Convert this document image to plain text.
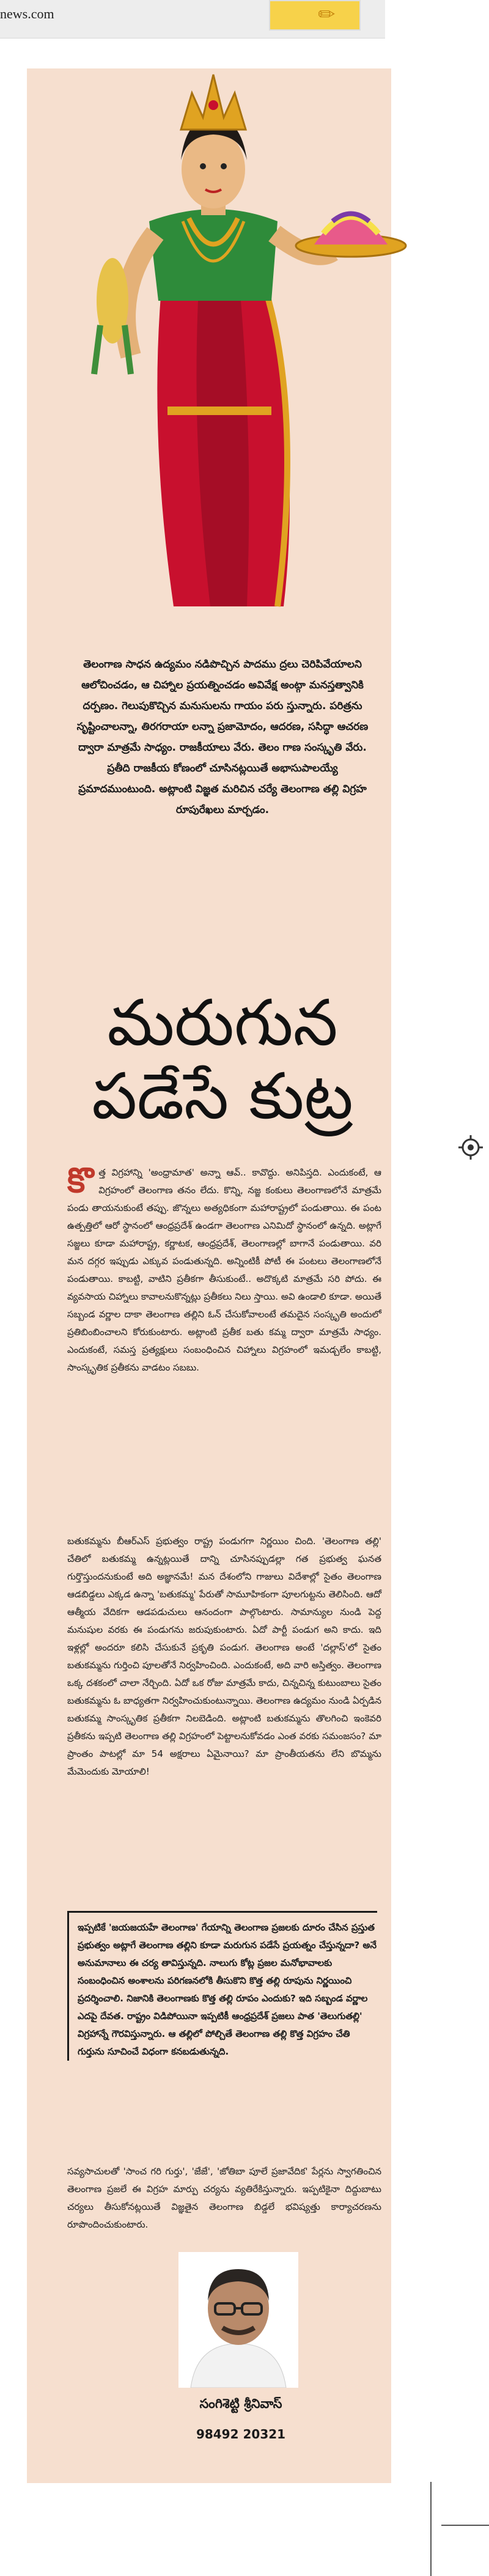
news.com	✏
తెలంగాణ సాధన ఉద్యమం నడిపొచ్చిన పాదము ద్రలు చెరిపివేయాలని ఆలోచించడం, ఆ చిహ్నాల ప్రయత్నించడం అవివేక్ష అంట్గా మనస్తత్వానికి దర్పణం. గెలుపుకొచ్చిన మనుసులను గాయం పరు స్తున్నారు. పరిత్రను సృష్టించాలన్నా, తిరగరాయా లన్నా ప్రజామోదం, ఆదరణ, ససిద్ధా ఆచరణ ద్వారా మాత్రమే సాధ్యం. రాజకీయాలు వేరు. తెలం గాణ సంస్కృతి వేరు. ప్రతీది రాజకీయ కోణంలో చూసినట్లయితే అభాసుపాలయ్యే ప్రమాదముంటుంది. అట్లాంటి విజ్ఞత మరిచిన చర్యే తెలంగాణ తల్లి విగ్రహ రూపురేఖలు మార్చడం.
మరుగున
పడేసే కుట్ర
కొ త్త విగ్రహాన్ని 'అంధ్రామాత' అన్నా ఆవ్.. కావొద్దు. అనిపిస్తది. ఎందుకంటే, ఆ విగ్రహంలో తెలంగాణ తనం లేదు. కొన్ని, నజ్జ కంకులు తెలంగాణలోనే మాత్రమే పండు తాయనుకుంటే తప్పు. జొన్నలు అత్యధికంగా మహారాష్ట్రలో పండుతాయి. ఈ పంట ఉత్పత్తిలో ఆరో స్థానంలో ఆంధ్రప్రదేశ్ ఉండగా తెలంగాణ ఎనిమిదో స్థానంలో ఉన్నది. అట్లాగే సజ్జలు కూడా మహారాష్ట్ర, కర్ణాటక, ఆంధ్రప్రదేశ్, తెలంగాణల్లో బాగానే పండుతాయి. వరి మన దగ్గర ఇప్పుడు ఎక్కువ పండుతున్నది. అన్నింటికీ పోటీ ఈ పంటలు తెలంగాణలోనే పండుతాయి. కాబట్టి, వాటిని ప్రతీకగా తీసుకుంటే.. అదొక్కటి మాత్రమే సరి పోదు. ఈ వ్యవసాయ చిహ్నాలు కావాలనుకొన్నట్లు ప్రతీకలు నిలు స్తాయి. అవి ఉండాలి కూడా. అయితే సబ్బండ వర్ణాల దాకా తెలంగాణ తల్లిని ఓన్ చేసుకోవాలంటే తమదైన సంస్కృతి అందులో ప్రతిబింబించాలని కోరుకుంటారు. అట్లాంటి ప్రతీక బతు కమ్మ ద్వారా మాత్రమే సాధ్యం. ఎందుకంటే, సమస్త ప్రత్యక్షులు సంబంధించిన చిహ్నాలు విగ్రహంలో ఇమడ్చలేం కాబట్టి, సాంస్కృతిక ప్రతీకను వాడటం సబబు.
బతుకమ్మను బీఆర్ఎస్ ప్రభుత్వం రాష్ట్ర పండుగగా నిర్ణయిం చింది. 'తెలంగాణ తల్లి' చేతిలో బతుకమ్మ ఉన్నట్లయితే దాన్ని చూసినప్పుడల్లా గత ప్రభుత్వ ఘనత గుర్తొస్తుందనుకుంటే అది అజ్ఞానమే! మన దేశంలోని గాజులు విదేశాల్లో సైతం తెలంగాణ ఆడబిడ్డలు ఎక్కడ ఉన్నా 'బతుకమ్మ' పేరుతో సామూహికంగా పూలగుట్టను తెలిసింది. ఆదో ఆత్మీయ వేదికగా ఆడపడుచులు ఆనందంగా పాల్గొంటారు. సామాన్యుల నుండి పెద్ద మనుషుల వరకు ఈ పండుగను జరుపుకుంటారు. ఏదో పార్టీ పండుగ అని కాదు. ఇది ఇళ్లల్లో అందరూ కలిసి చేసుకునే ప్రకృతి పండుగ. తెలంగాణ అంటే 'దల్లాస్'లో సైతం బతుకమ్మను గుర్తించి పూలతోనే నిర్వహించింది. ఎందుకంటే, అది వారి అస్తిత్వం. తెలంగాణ ఒక్క దశకంలో చాలా నేర్చింది. ఏదో ఒక రోజు మాత్రమే కాదు, చిన్నచిన్న కుటుంబాలు సైతం బతుకమ్మను ఓ బాధ్యతగా నిర్వహించుకుంటున్నాయి. తెలంగాణ ఉద్యమం నుండి ఏర్పడిన బతుకమ్మ సాంస్కృతిక ప్రతీకగా నిలబెడింది. అట్లాంటి బతుకమ్మను తొలగించి ఇంకెవరి ప్రతీకను ఇప్పటి తెలంగాణ తల్లి విగ్రహంలో పెట్టాలనుకోవడం ఎంత వరకు సమంజసం? మా ప్రాంతం పాటల్లో మా 54 అక్షరాలు ఏమైనాయి? మా ప్రాంతీయతను లేని బొమ్మను మేమెందుకు మోయాలి!
ఇప్పటికే 'జయజయహే తెలంగాణ' గేయాన్ని తెలంగాణ ప్రజలకు దూరం చేసిన ప్రస్తుత ప్రభుత్వం అట్లాగే తెలంగాణ తల్లిని కూడా మరుగున పడేసే ప్రయత్నం చేస్తున్నదా? అనే అనుమానాలు ఈ చర్య తావిస్తున్నది. నాలుగు కోట్ల ప్రజల మనోభావాలకు సంబంధించిన అంశాలను పరిగణనలోకి తీసుకొని కొత్త తల్లి రూపును నిర్ణయించి ప్రదర్శించాలి. నిజానికి తెలంగాణకు కొత్త తల్లి రూపం ఎందుకు? ఇది సబ్బండ వర్ణాల ఎదపై దేవత. రాష్ట్రం విడిపోయినా ఇప్పటికీ ఆంధ్రప్రదేశ్ ప్రజలు పాత 'తెలుగుతల్లి' విగ్రహాన్నే గౌరవిస్తున్నారు. ఆ తల్లిలో పోల్చితే తెలంగాణ తల్లి కొత్త విగ్రహం చేతి గుర్తును సూచించే విధంగా కనబడుతున్నది.
సవ్యసాచులతో 'సాంచ గరి గుర్తు', 'జేజే', 'జోతిబా పూలే ప్రజావేదిక' పేర్లను స్వాగతించిన తెలంగాణ ప్రజలే ఈ విగ్రహ మార్పు చర్యను వ్యతిరేకిస్తున్నారు. ఇప్పటికైనా దిద్దుబాటు చర్యలు తీసుకోనట్లయితే విజ్ఞతైన తెలంగాణ బిడ్డలే భవిష్యత్తు కార్యాచరణను రూపొందించుకుంటారు.
సంగిశెట్టి శ్రీనివాస్
98492 20321
